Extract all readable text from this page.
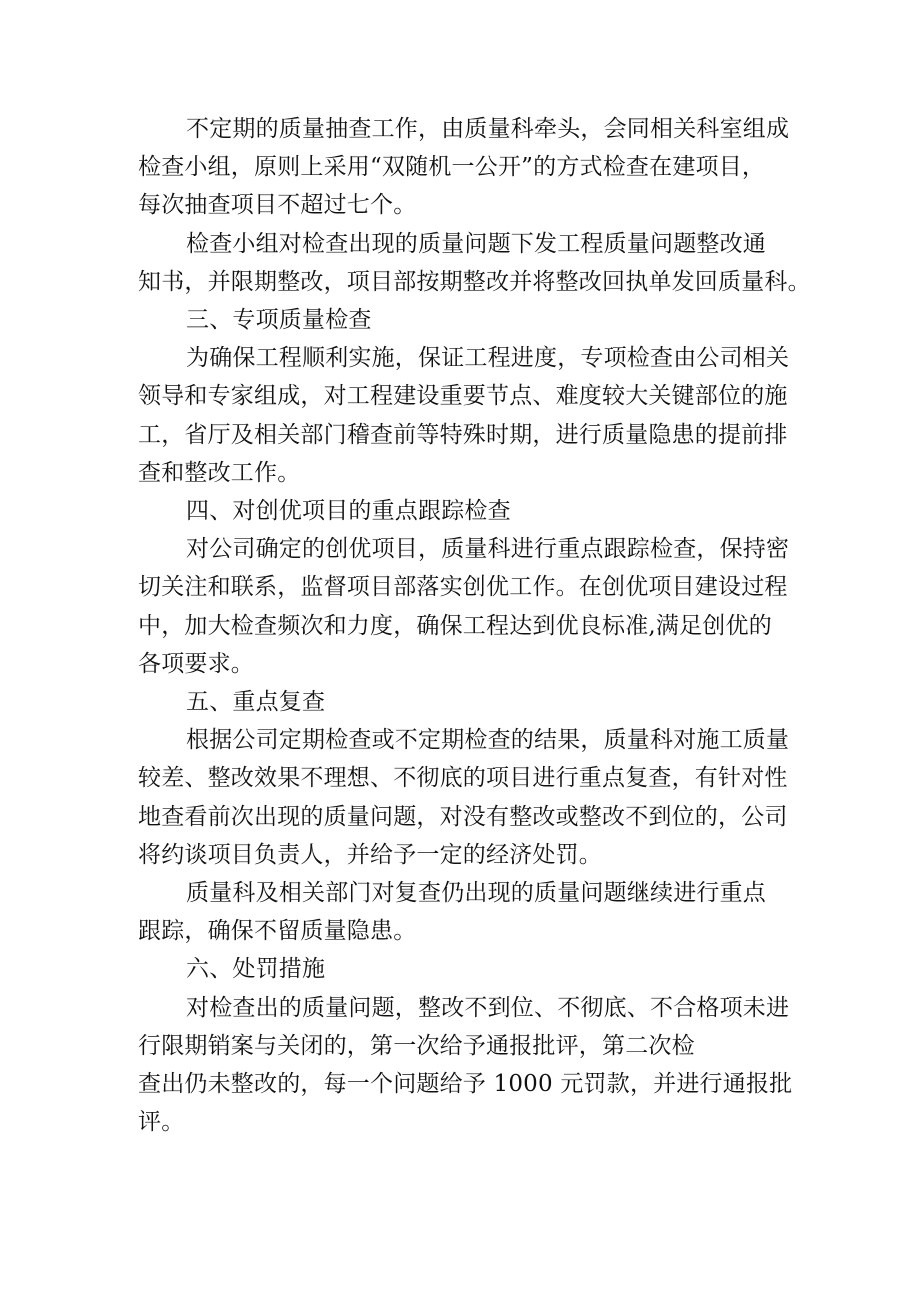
不定期的质量抽查工作，由质量科牵头，会同相关科室组成
检查小组，原则上采用“双随机一公开”的方式检查在建项目，
每次抽查项目不超过七个。
检查小组对检查出现的质量问题下发工程质量问题整改通
知书，并限期整改，项目部按期整改并将整改回执单发回质量科。
三、专项质量检查
为确保工程顺利实施，保证工程进度，专项检查由公司相关
领导和专家组成，对工程建设重要节点、难度较大关键部位的施
工，省厅及相关部门稽查前等特殊时期，进行质量隐患的提前排
查和整改工作。
四、对创优项目的重点跟踪检查
对公司确定的创优项目，质量科进行重点跟踪检查，保持密
切关注和联系，监督项目部落实创优工作。在创优项目建设过程
中，加大检查频次和力度，确保工程达到优良标准,满足创优的
各项要求。
五、重点复查
根据公司定期检查或不定期检查的结果，质量科对施工质量
较差、整改效果不理想、不彻底的项目进行重点复查，有针对性
地查看前次出现的质量问题，对没有整改或整改不到位的，公司
将约谈项目负责人，并给予一定的经济处罚。
质量科及相关部门对复查仍出现的质量问题继续进行重点
跟踪，确保不留质量隐患。
六、处罚措施
对检查出的质量问题，整改不到位、不彻底、不合格项未进
行限期销案与关闭的，第一次给予通报批评，第二次检
查出仍未整改的，每一个问题给予 1000 元罚款，并进行通报批
评。
